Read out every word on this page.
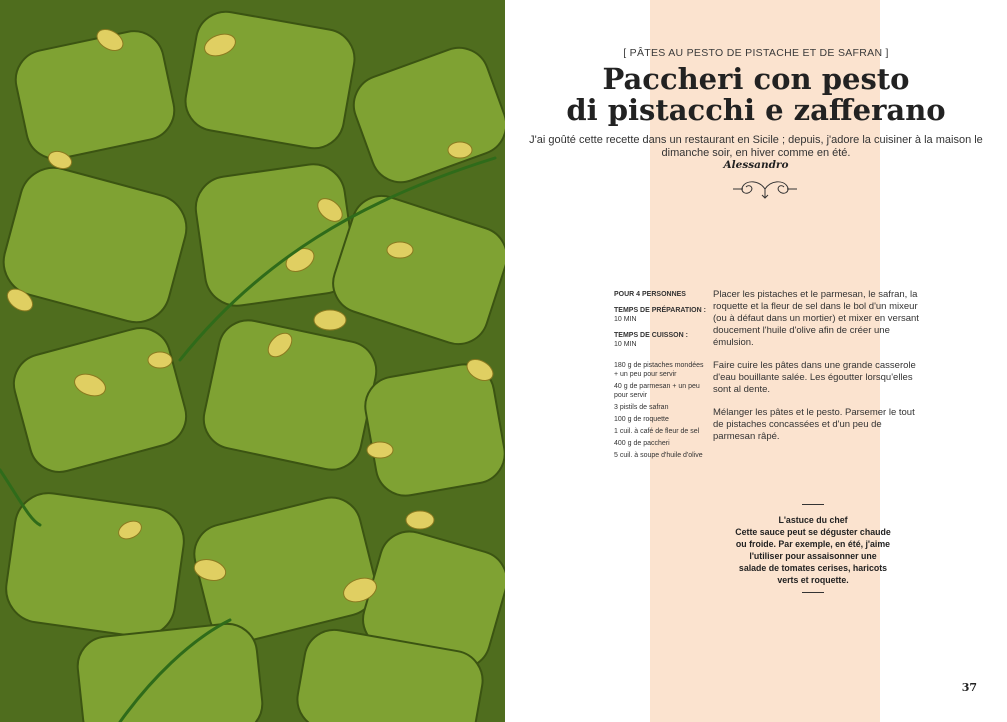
[ PÂTES AU PESTO DE PISTACHE ET DE SAFRAN ]
Paccheri con pesto
di pistacchi e zafferano
J'ai goûté cette recette dans un restaurant en Sicile ; depuis, j'adore la cuisiner à la maison le dimanche soir, en hiver comme en été.
Alessandro
POUR 4 PERSONNES
TEMPS DE PRÉPARATION :
10 MIN
TEMPS DE CUISSON :
10 MIN
180 g de pistaches mondées + un peu pour servir
40 g de parmesan + un peu pour servir
3 pistils de safran
100 g de roquette
1 cuil. à café de fleur de sel
400 g de paccheri
5 cuil. à soupe d'huile d'olive

Placer les pistaches et le parmesan, le safran, la roquette et la fleur de sel dans le bol d'un mixeur (ou à défaut dans un mortier) et mixer en versant doucement l'huile d'olive afin de créer une émulsion.

Faire cuire les pâtes dans une grande casserole d'eau bouillante salée. Les égoutter lorsqu'elles sont al dente.

Mélanger les pâtes et le pesto. Parsemer le tout de pistaches concassées et d'un peu de parmesan râpé.

L'astuce du chef
Cette sauce peut se déguster chaude ou froide. Par exemple, en été, j'aime l'utiliser pour assaisonner une salade de tomates cerises, haricots verts et roquette.
37
